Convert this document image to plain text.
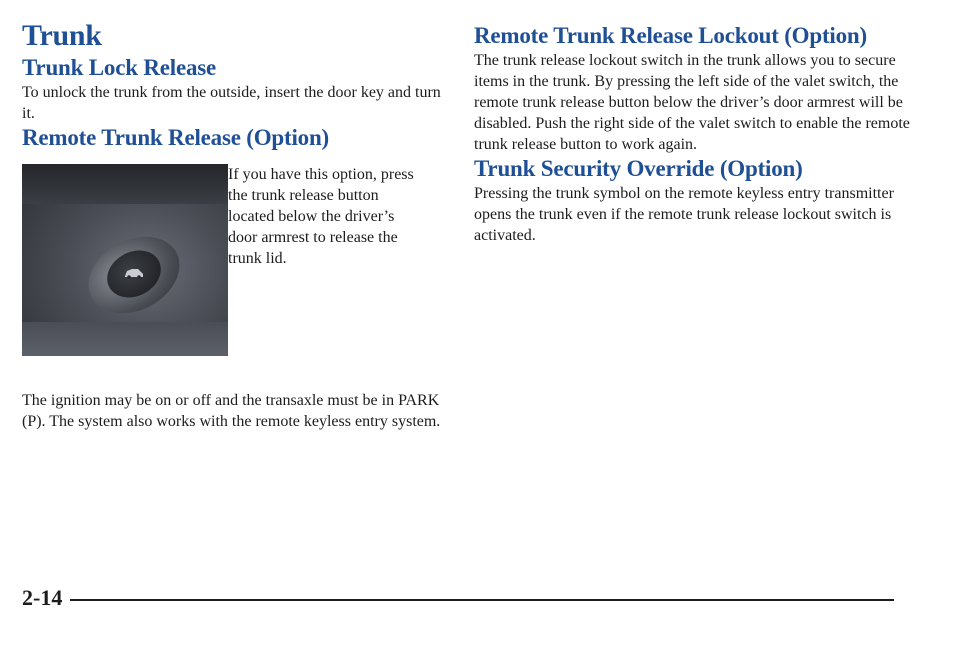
Trunk
Trunk Lock Release

To unlock the trunk from the outside, insert the door key and turn it.

Remote Trunk Release (Option)

If you have this option, press the trunk release button located below the driver’s door armrest to release the trunk lid.

The ignition may be on or off and the transaxle must be in PARK (P). The system also works with the remote keyless entry system.

Remote Trunk Release Lockout (Option)

The trunk release lockout switch in the trunk allows you to secure items in the trunk. By pressing the left side of the valet switch, the remote trunk release button below the driver’s door armrest will be disabled. Push the right side of the valet switch to enable the remote trunk release button to work again.

Trunk Security Override (Option)

Pressing the trunk symbol on the remote keyless entry transmitter opens the trunk even if the remote trunk release lockout switch is activated.

2-14
